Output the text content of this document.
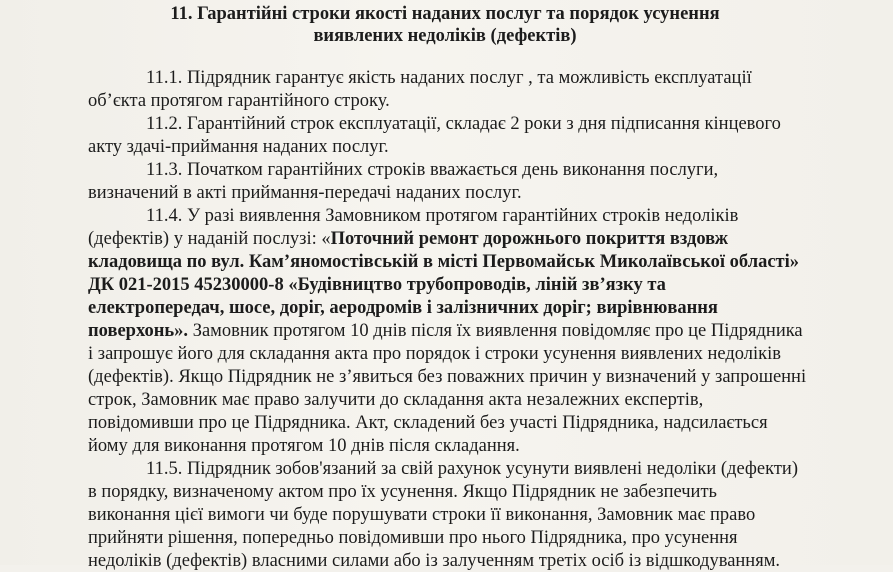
11. Гарантійні строки якості наданих послуг та порядок усунення
виявлених недоліків (дефектів)
11.1. Підрядник гарантує якість наданих послуг , та можливість експлуатації
об’єкта протягом гарантійного строку.
11.2. Гарантійний строк експлуатації, складає 2 роки з дня підписання кінцевого
акту здачі-приймання наданих послуг.
11.3. Початком гарантійних строків вважається день виконання послуги,
визначений в акті приймання-передачі наданих послуг.
11.4. У разі виявлення Замовником протягом гарантійних строків недоліків
(дефектів) у наданій послузі: «Поточний ремонт дорожнього покриття вздовж
кладовища по вул. Кам’яномостівській в місті Первомайськ Миколаївської області»
ДК 021-2015 45230000-8 «Будівництво трубопроводів, ліній зв’язку та
електропередач, шосе, доріг, аеродромів і залізничних доріг; вирівнювання
поверхонь». Замовник протягом 10 днів після їх виявлення повідомляє про це Підрядника
і запрошує його для складання акта про порядок і строки усунення виявлених недоліків
(дефектів). Якщо Підрядник не з’явиться без поважних причин у визначений у запрошенні
строк, Замовник має право залучити до складання акта незалежних експертів,
повідомивши про це Підрядника. Акт, складений без участі Підрядника, надсилається
йому для виконання протягом 10 днів після складання.
11.5. Підрядник зобов'язаний за свій рахунок усунути виявлені недоліки (дефекти)
в порядку, визначеному актом про їх усунення. Якщо Підрядник не забезпечить
виконання цієї вимоги чи буде порушувати строки її виконання, Замовник має право
прийняти рішення, попередньо повідомивши про нього Підрядника, про усунення
недоліків (дефектів) власними силами або із залученням третіх осіб із відшкодуванням.
